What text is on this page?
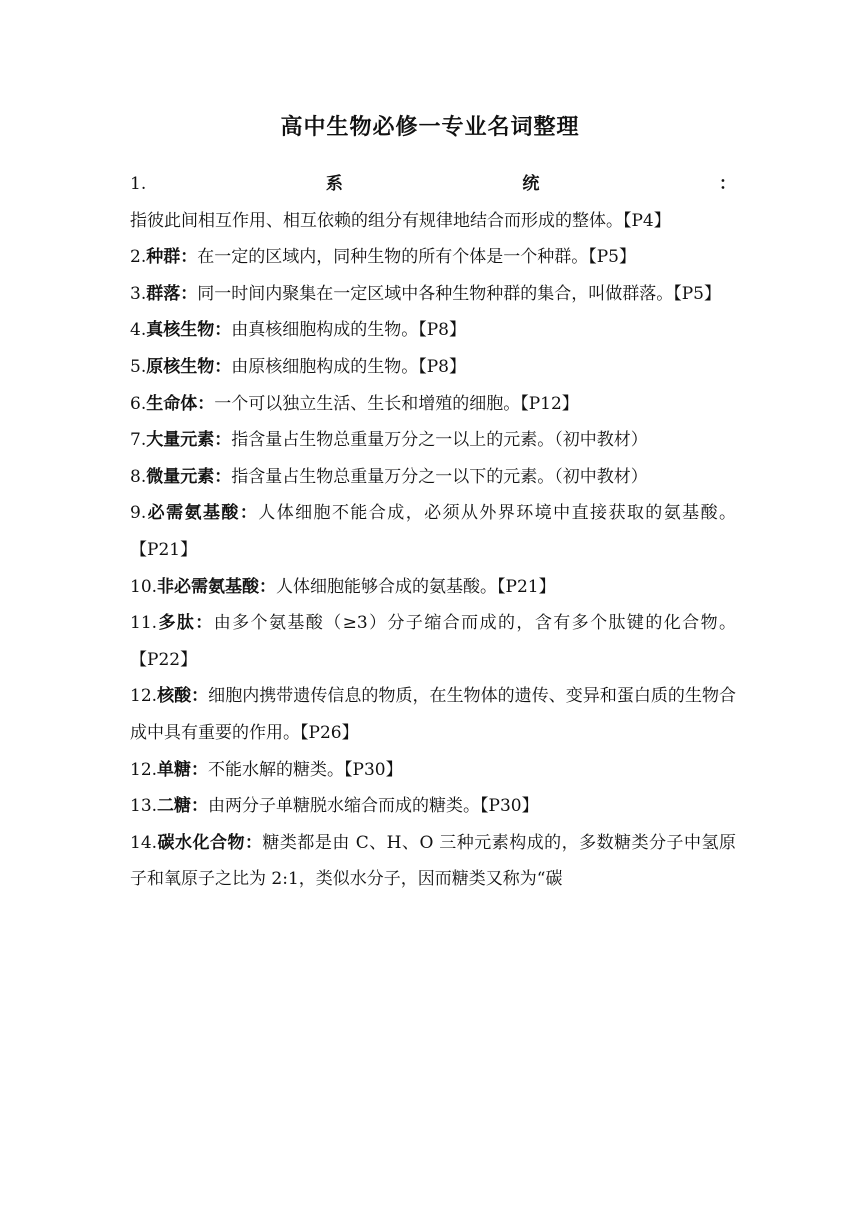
高中生物必修一专业名词整理
1.系统：指彼此间相互作用、相互依赖的组分有规律地结合而形成的整体。【P4】
2.种群：在一定的区域内，同种生物的所有个体是一个种群。【P5】
3.群落：同一时间内聚集在一定区域中各种生物种群的集合，叫做群落。【P5】
4.真核生物：由真核细胞构成的生物。【P8】
5.原核生物：由原核细胞构成的生物。【P8】
6.生命体：一个可以独立生活、生长和增殖的细胞。【P12】
7.大量元素：指含量占生物总重量万分之一以上的元素。（初中教材）
8.微量元素：指含量占生物总重量万分之一以下的元素。（初中教材）
9.必需氨基酸：人体细胞不能合成，必须从外界环境中直接获取的氨基酸。【P21】
10.非必需氨基酸：人体细胞能够合成的氨基酸。【P21】
11.多肽：由多个氨基酸（≥3）分子缩合而成的，含有多个肽键的化合物。【P22】
12.核酸：细胞内携带遗传信息的物质，在生物体的遗传、变异和蛋白质的生物合成中具有重要的作用。【P26】
12.单糖：不能水解的糖类。【P30】
13.二糖：由两分子单糖脱水缩合而成的糖类。【P30】
14.碳水化合物：糖类都是由 C、H、O 三种元素构成的，多数糖类分子中氢原子和氧原子之比为 2:1，类似水分子，因而糖类又称为“碳
